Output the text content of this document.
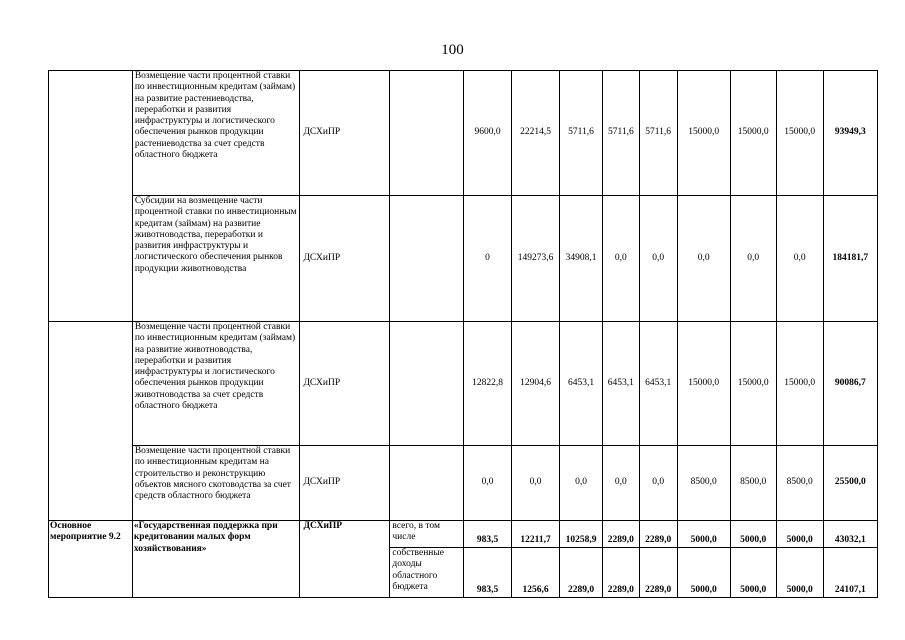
100
	Возмещение части процентной ставки по инвестиционным кредитам (займам) на развитие растениеводства, переработки и развития инфраструктуры и логистического обеспечения рынков продукции растениеводства за счет средств областного бюджета	ДСХиПР		9600,0	22214,5	5711,6	5711,6	5711,6	15000,0	15000,0	15000,0	93949,3
	Субсидии на возмещение части процентной ставки по инвестиционным кредитам (займам) на развитие животноводства, переработки и развития инфраструктуры и логистического обеспечения рынков продукции животноводства	ДСХиПР		0	149273,6	34908,1	0,0	0,0	0,0	0,0	0,0	184181,7
	Возмещение части процентной ставки по инвестиционным кредитам (займам) на развитие животноводства, переработки и развития инфраструктуры и логистического обеспечения рынков продукции животноводства за счет средств областного бюджета	ДСХиПР		12822,8	12904,6	6453,1	6453,1	6453,1	15000,0	15000,0	15000,0	90086,7
	Возмещение части процентной ставки по инвестиционным кредитам на строительство и реконструкцию объектов мясного скотоводства за счет средств областного бюджета	ДСХиПР		0,0	0,0	0,0	0,0	0,0	8500,0	8500,0	8500,0	25500,0
Основное мероприятие 9.2	«Государственная поддержка при кредитовании малых форм хозяйствования»	ДСХиПР	всего, в том числе	983,5	12211,7	10258,9	2289,0	2289,0	5000,0	5000,0	5000,0	43032,1
			собственные доходы областного бюджета	983,5	1256,6	2289,0	2289,0	2289,0	5000,0	5000,0	5000,0	24107,1
